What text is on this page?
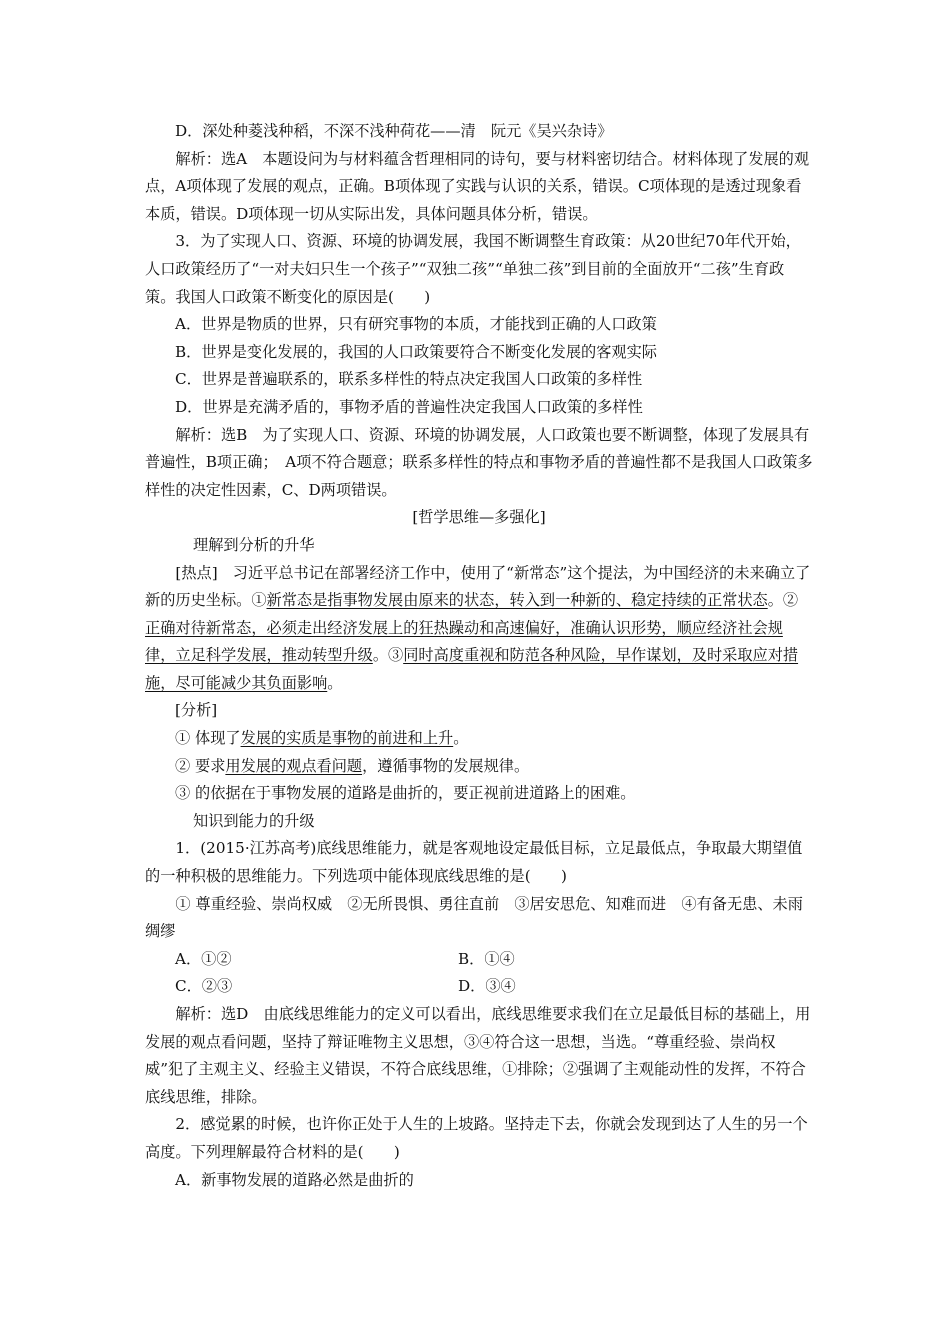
D．深处种菱浅种稻，不深不浅种荷花——清　阮元《吴兴杂诗》

解析：选A　本题设问为与材料蕴含哲理相同的诗句，要与材料密切结合。材料体现了发展的观点，A项体现了发展的观点，正确。B项体现了实践与认识的关系，错误。C项体现的是透过现象看本质，错误。D项体现一切从实际出发，具体问题具体分析，错误。

3．为了实现人口、资源、环境的协调发展，我国不断调整生育政策：从20世纪70年代开始，人口政策经历了“一对夫妇只生一个孩子”“双独二孩”“单独二孩”到目前的全面放开“二孩”生育政策。我国人口政策不断变化的原因是(　　)

A．世界是物质的世界，只有研究事物的本质，才能找到正确的人口政策

B．世界是变化发展的，我国的人口政策要符合不断变化发展的客观实际

C．世界是普遍联系的，联系多样性的特点决定我国人口政策的多样性

D．世界是充满矛盾的，事物矛盾的普遍性决定我国人口政策的多样性

解析：选B　为了实现人口、资源、环境的协调发展，人口政策也要不断调整，体现了发展具有普遍性，B项正确；　A项不符合题意；联系多样性的特点和事物矛盾的普遍性都不是我国人口政策多样性的决定性因素，C、D两项错误。

[哲学思维—多强化]

理解到分析的升华

[热点]　习近平总书记在部署经济工作中，使用了“新常态”这个提法，为中国经济的未来确立了新的历史坐标。①新常态是指事物发展由原来的状态，转入到一种新的、稳定持续的正常状态。②正确对待新常态，必须走出经济发展上的狂热躁动和高速偏好，准确认识形势，顺应经济社会规律，立足科学发展，推动转型升级。③同时高度重视和防范各种风险，早作谋划，及时采取应对措施，尽可能减少其负面影响。

[分析]

① 体现了发展的实质是事物的前进和上升。

② 要求用发展的观点看问题，遵循事物的发展规律。

③ 的依据在于事物发展的道路是曲折的，要正视前进道路上的困难。

知识到能力的升级

1．(2015·江苏高考)底线思维能力，就是客观地设定最低目标，立足最低点，争取最大期望值的一种积极的思维能力。下列选项中能体现底线思维的是(　　)

① 尊重经验、崇尚权威　②无所畏惧、勇往直前　③居安思危、知难而进　④有备无患、未雨绸缪

A．①②	B．①④
C．②③	D．③④

解析：选D　由底线思维能力的定义可以看出，底线思维要求我们在立足最低目标的基础上，用发展的观点看问题，坚持了辩证唯物主义思想，③④符合这一思想，当选。“尊重经验、崇尚权威”犯了主观主义、经验主义错误，不符合底线思维，①排除；②强调了主观能动性的发挥，不符合底线思维，排除。

2．感觉累的时候，也许你正处于人生的上坡路。坚持走下去，你就会发现到达了人生的另一个高度。下列理解最符合材料的是(　　)

A．新事物发展的道路必然是曲折的
